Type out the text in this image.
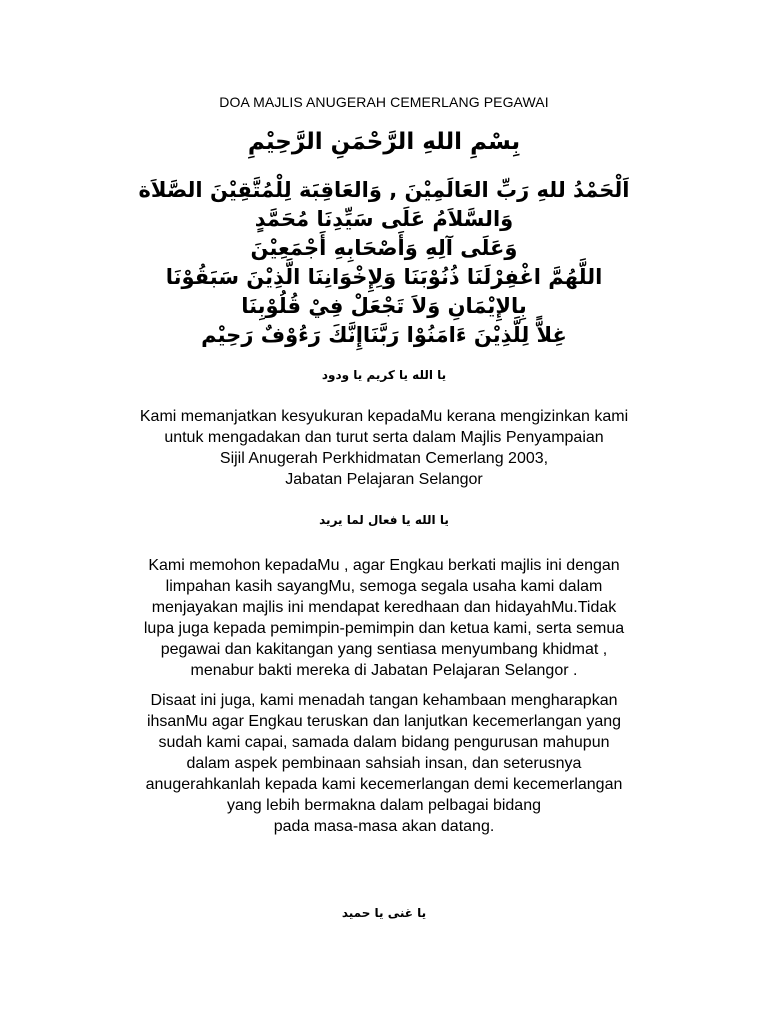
DOA MAJLIS ANUGERAH CEMERLANG PEGAWAI
بِسْمِ اللهِ الرَّحْمَنِ الرَّحِيْمِ
اَلْحَمْدُ للهِ رَبِّ العَالَمِيْنَ , وَالعَاقِبَة لِلْمُتَّقِيْنَ الصَّلاَة
وَالسَّلاَمُ عَلَى سَيِّدِنَا مُحَمَّدٍ
وَعَلَى آلِهِ وَأَصْحَابِهِ أَجْمَعِيْنَ
اللَّهُمَّ اغْفِرْلَنَا ذُنُوْبَنَا وَلِإِخْوَانِنَا الَّذِيْنَ سَبَقُوْنَا
بِالإِيْمَانِ وَلاَ تَجْعَلْ فِيْ قُلُوْبِنَا
غِلاًّ لِلَّذِيْنَ ءَامَنُوْا رَبَّنَاإِنَّكَ رَءُوْفٌ رَحِيْم
يا الله يا كريم يا ودود
Kami memanjatkan kesyukuran kepadaMu kerana mengizinkan kami
untuk mengadakan dan turut serta dalam Majlis Penyampaian
Sijil Anugerah Perkhidmatan Cemerlang 2003,
Jabatan Pelajaran Selangor
يا الله يا فعال لما يريد
Kami memohon kepadaMu , agar Engkau berkati majlis ini dengan
limpahan kasih sayangMu, semoga segala usaha kami dalam
menjayakan majlis ini mendapat keredhaan dan hidayahMu.Tidak
lupa juga kepada pemimpin-pemimpin dan ketua kami, serta semua
pegawai dan kakitangan yang sentiasa menyumbang khidmat ,
menabur bakti mereka di Jabatan Pelajaran Selangor .
Disaat ini juga, kami menadah tangan kehambaan mengharapkan
ihsanMu agar Engkau teruskan dan lanjutkan kecemerlangan yang
sudah kami capai, samada dalam bidang pengurusan mahupun
dalam aspek pembinaan sahsiah insan, dan seterusnya
anugerahkanlah kepada kami kecemerlangan demi kecemerlangan
yang lebih bermakna dalam pelbagai bidang
pada masa-masa akan datang.
يا غنى يا حميد
